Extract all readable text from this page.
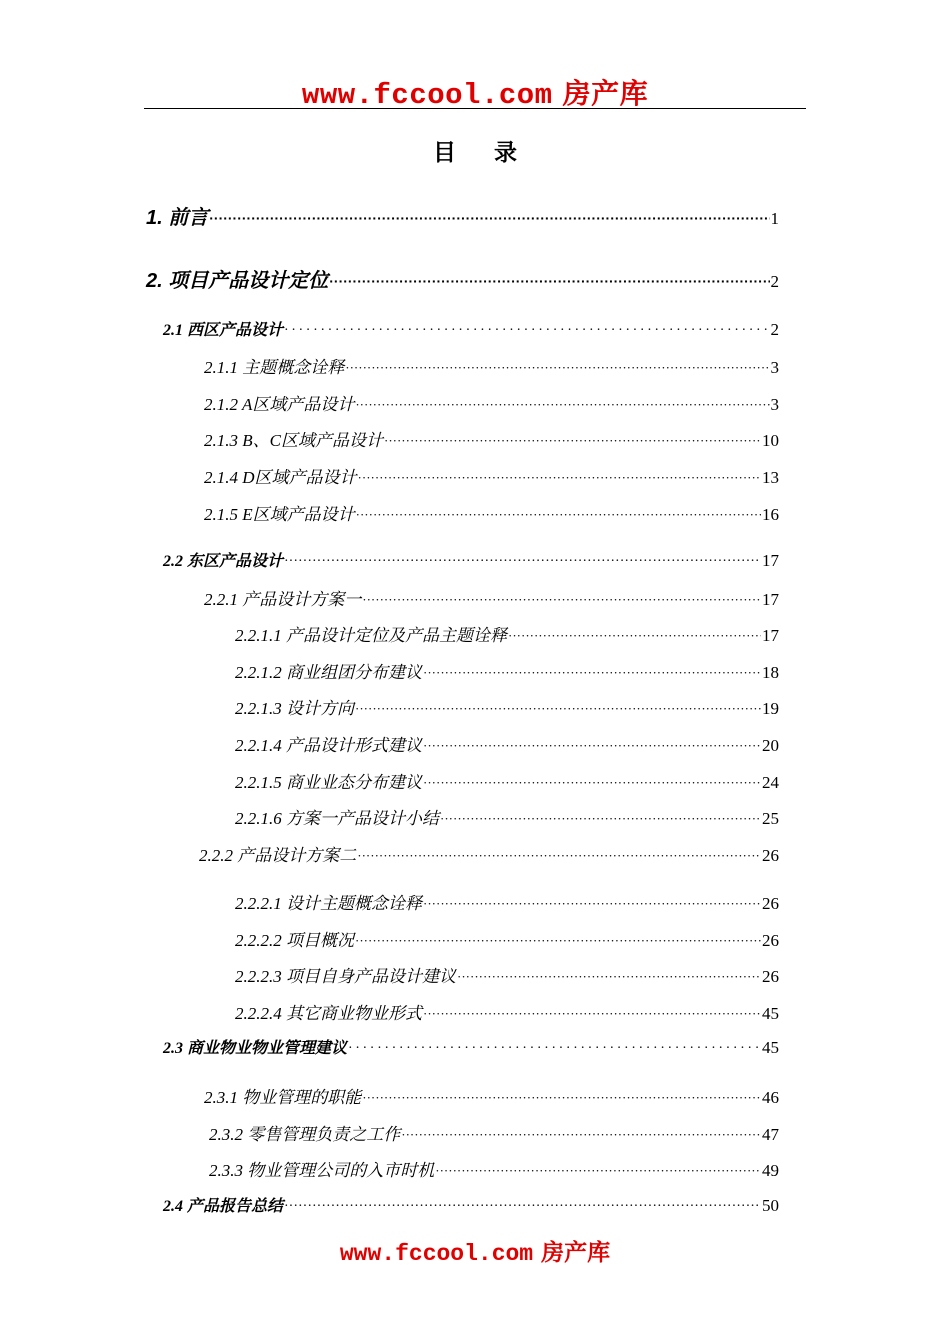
www.fccool.com 房产库
目录
1. 前言 ·····	1
2. 项目产品设计定位 ·····	2
2.1 西区产品设计 ·····	2
2.1.1 主题概念诠释 ·····	3
2.1.2 A区域产品设计 ·····	3
2.1.3 B、C区域产品设计 ·····	10
2.1.4 D区域产品设计 ·····	13
2.1.5 E区域产品设计 ·····	16
2.2 东区产品设计 ·····	17
2.2.1 产品设计方案一 ·····	17
2.2.1.1 产品设计定位及产品主题诠释 ·····	17
2.2.1.2 商业组团分布建议 ·····	18
2.2.1.3 设计方向 ·····	19
2.2.1.4 产品设计形式建议 ·····	20
2.2.1.5 商业业态分布建议 ·····	24
2.2.1.6 方案一产品设计小结 ·····	25
2.2.2 产品设计方案二 ·····	26
2.2.2.1 设计主题概念诠释 ·····	26
2.2.2.2 项目概况 ·····	26
2.2.2.3 项目自身产品设计建议 ·····	26
2.2.2.4 其它商业物业形式 ·····	45
2.3 商业物业物业管理建议 ·····	45
2.3.1 物业管理的职能 ·····	46
2.3.2 零售管理负责之工作 ·····	47
2.3.3 物业管理公司的入市时机 ·····	49
2.4 产品报告总结 ·····	50
www.fccool.com 房产库
